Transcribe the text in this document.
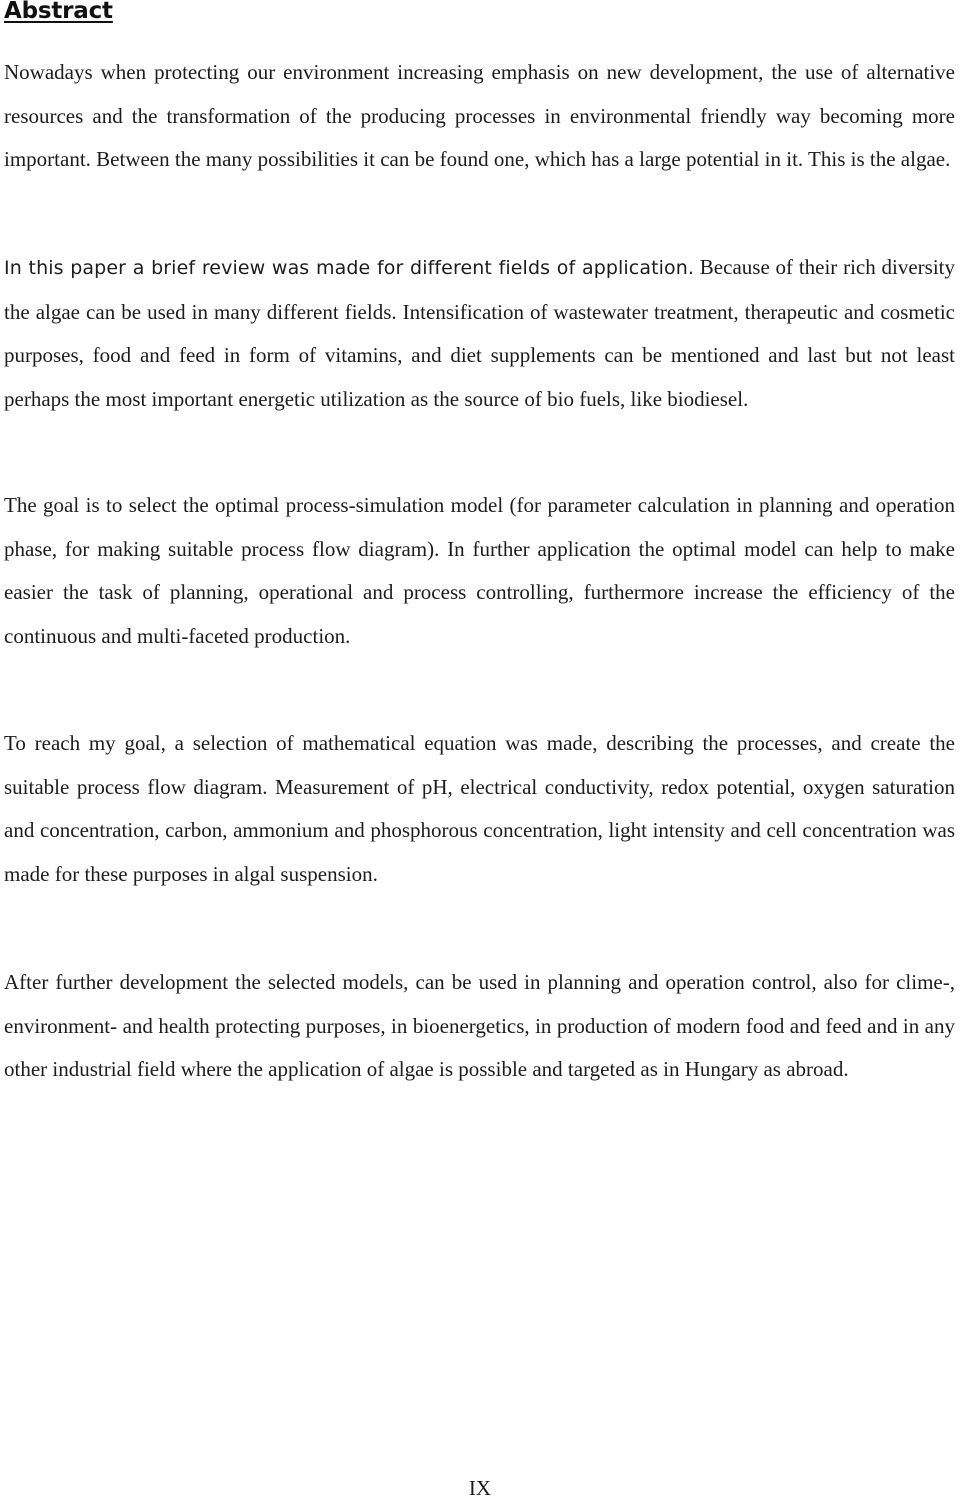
Abstract

Nowadays when protecting our environment increasing emphasis on new development, the use of alternative resources and the transformation of the producing processes in environmental friendly way becoming more important. Between the many possibilities it can be found one, which has a large potential in it. This is the algae.

In this paper a brief review was made for different fields of application. Because of their rich diversity the algae can be used in many different fields. Intensification of wastewater treatment, therapeutic and cosmetic purposes, food and feed in form of vitamins, and diet supplements can be mentioned and last but not least perhaps the most important energetic utilization as the source of bio fuels, like biodiesel.

The goal is to select the optimal process-simulation model (for parameter calculation in planning and operation phase, for making suitable process flow diagram). In further application the optimal model can help to make easier the task of planning, operational and process controlling, furthermore increase the efficiency of the continuous and multi-faceted production.

To reach my goal, a selection of mathematical equation was made, describing the processes, and create the suitable process flow diagram. Measurement of pH, electrical conductivity, redox potential, oxygen saturation and concentration, carbon, ammonium and phosphorous concentration, light intensity and cell concentration was made for these purposes in algal suspension.

After further development the selected models, can be used in planning and operation control, also for clime-, environment- and health protecting purposes, in bioenergetics, in production of modern food and feed and in any other industrial field where the application of algae is possible and targeted as in Hungary as abroad.

IX
